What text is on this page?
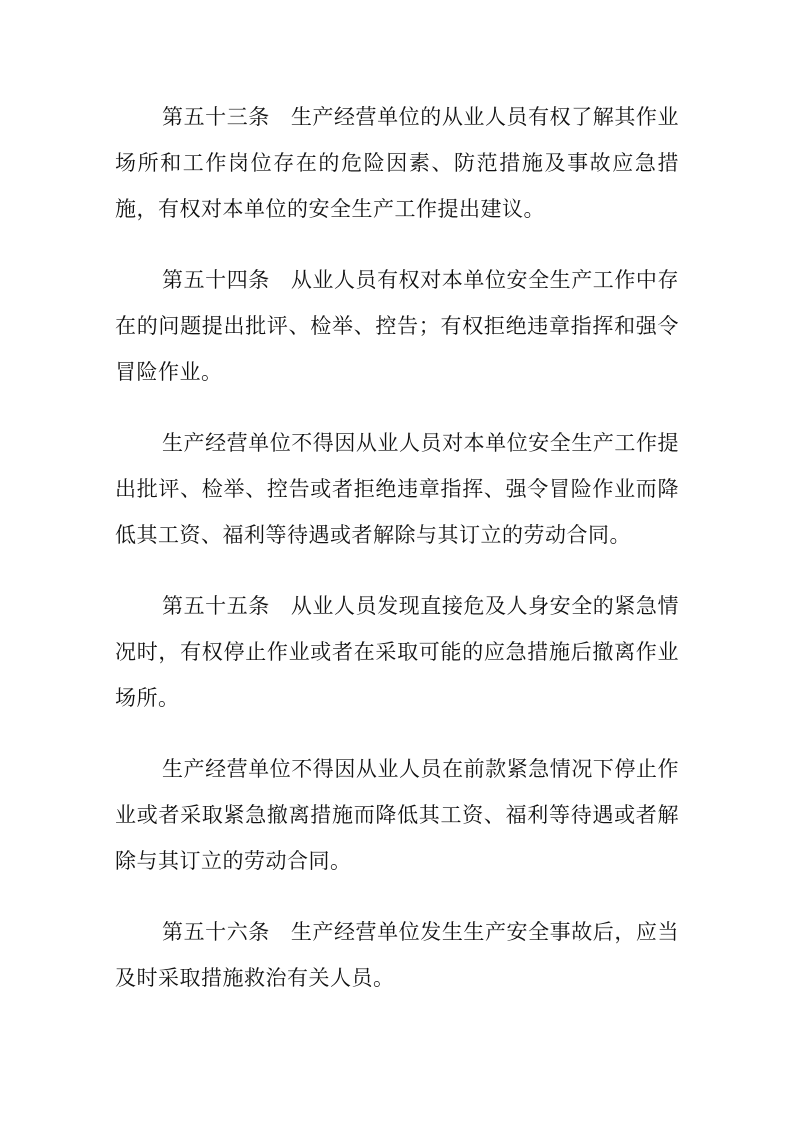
第五十三条 生产经营单位的从业人员有权了解其作业场所和工作岗位存在的危险因素、防范措施及事故应急措施，有权对本单位的安全生产工作提出建议。

第五十四条 从业人员有权对本单位安全生产工作中存在的问题提出批评、检举、控告；有权拒绝违章指挥和强令冒险作业。

生产经营单位不得因从业人员对本单位安全生产工作提出批评、检举、控告或者拒绝违章指挥、强令冒险作业而降低其工资、福利等待遇或者解除与其订立的劳动合同。

第五十五条 从业人员发现直接危及人身安全的紧急情况时，有权停止作业或者在采取可能的应急措施后撤离作业场所。

生产经营单位不得因从业人员在前款紧急情况下停止作业或者采取紧急撤离措施而降低其工资、福利等待遇或者解除与其订立的劳动合同。

第五十六条 生产经营单位发生生产安全事故后，应当及时采取措施救治有关人员。
